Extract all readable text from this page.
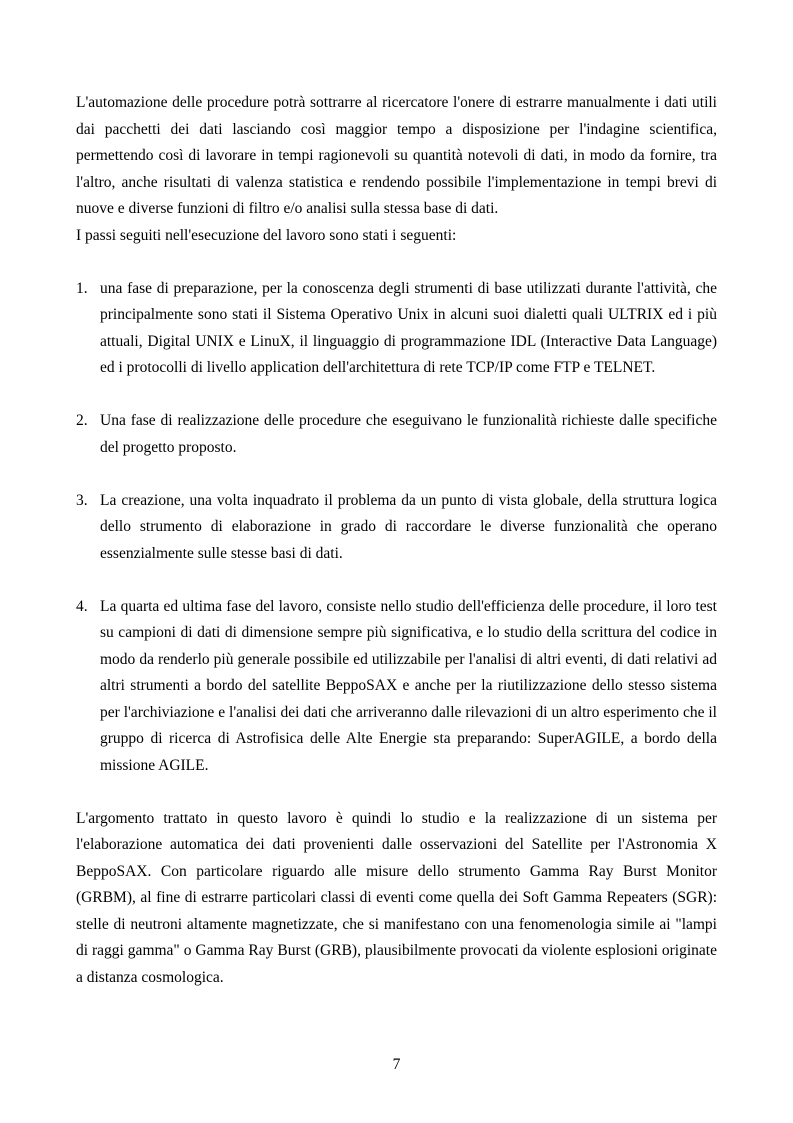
L'automazione delle procedure potrà sottrarre al ricercatore l'onere di estrarre manualmente i dati utili dai pacchetti dei dati lasciando così maggior tempo a disposizione per l'indagine scientifica, permettendo così di lavorare in tempi ragionevoli su quantità notevoli di dati, in modo da fornire, tra l'altro, anche risultati di valenza statistica e rendendo possibile l'implementazione in tempi brevi di nuove e diverse funzioni di filtro e/o analisi sulla stessa base di dati.

I passi seguiti nell'esecuzione del lavoro sono stati i seguenti:

1. una fase di preparazione, per la conoscenza degli strumenti di base utilizzati durante l'attività, che principalmente sono stati il Sistema Operativo Unix in alcuni suoi dialetti quali ULTRIX ed i più attuali, Digital UNIX e LinuX, il linguaggio di programmazione IDL (Interactive Data Language) ed i protocolli di livello application dell'architettura di rete TCP/IP come FTP e TELNET.
2. Una fase di realizzazione delle procedure che eseguivano le funzionalità richieste dalle specifiche del progetto proposto.
3. La creazione, una volta inquadrato il problema da un punto di vista globale, della struttura logica dello strumento di elaborazione in grado di raccordare le diverse funzionalità che operano essenzialmente sulle stesse basi di dati.
4. La quarta ed ultima fase del lavoro, consiste nello studio dell'efficienza delle procedure, il loro test su campioni di dati di dimensione sempre più significativa, e lo studio della scrittura del codice in modo da renderlo più generale possibile ed utilizzabile per l'analisi di altri eventi, di dati relativi ad altri strumenti a bordo del satellite BeppoSAX e anche per la riutilizzazione dello stesso sistema per l'archiviazione e l'analisi dei dati che arriveranno dalle rilevazioni di un altro esperimento che il gruppo di ricerca di Astrofisica delle Alte Energie sta preparando: SuperAGILE, a bordo della missione AGILE.

L'argomento trattato in questo lavoro è quindi lo studio e la realizzazione di un sistema per l'elaborazione automatica dei dati provenienti dalle osservazioni del Satellite per l'Astronomia X BeppoSAX. Con particolare riguardo alle misure dello strumento Gamma Ray Burst Monitor (GRBM), al fine di estrarre particolari classi di eventi come quella dei Soft Gamma Repeaters (SGR): stelle di neutroni altamente magnetizzate, che si manifestano con una fenomenologia simile ai "lampi di raggi gamma" o Gamma Ray Burst (GRB), plausibilmente provocati da violente esplosioni originate a distanza cosmologica.

7
